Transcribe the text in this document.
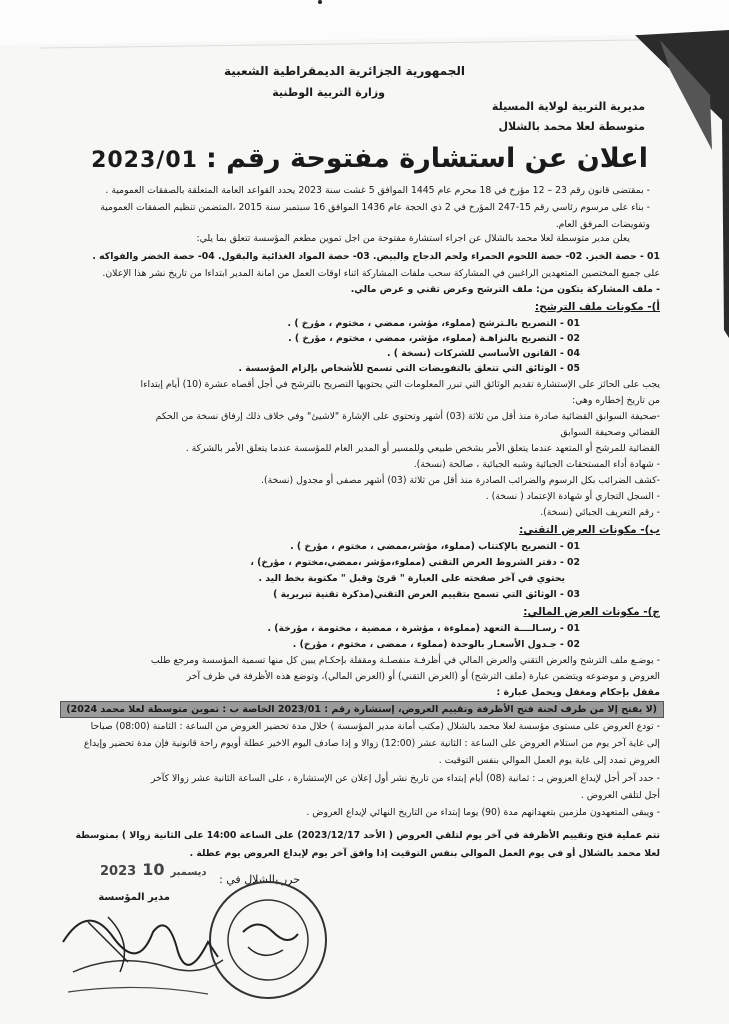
الجمهورية الجزائرية الديمقراطية الشعبية
وزارة التربية الوطنية
مديرية التربية لولاية المسيلة
متوسطة لعلا محمد بالشلال
اعلان عن استشارة مفتوحة رقم :
2023/01
- بمقتضى قانون رقم 23 – 12 مؤرخ في 18 محرم عام 1445 الموافق 5 غشت سنة 2023 يحدد القواعد العامة المتعلقة بالصفقات العمومية .
- بناء على مرسوم رئاسي رقم 15-247 المؤرخ في 2 ذي الحجة عام 1436 الموافق 16 سبتمبر سنة 2015 ،المتضمن تنظيم الصفقات العمومية
وتفويضات المرفق العام.
يعلن مدير متوسطة لعلا محمد بالشلال عن اجراء استشارة مفتوحة من اجل تموين مطعم المؤسسة تتعلق بما يلي:
01 - حصة الخبز. 02- حصة اللحوم الحمراء ولحم الدجاج والبيض. 03- حصة المواد الغذائية والبقول. 04- حصة الخضر والفواكه .
على جميع المختصين المتعهدين الراغبين في المشاركة سحب ملفات المشاركة اثناء اوقات العمل من امانة المدير ابتداءا من تاريخ نشر هذا الإعلان.
- ملف المشاركة يتكون من: ملف الترشح وعرض تقني و عرض مالي.
أ)- مكونات ملف الترشح:
01 - التصريح بالـترشح (مملوء، مؤشر، ممضي ، مختوم ، مؤرخ ) .
02 - التصريح بالنزاهـة (مملوء، مؤشر، ممضي ، مختوم ، مؤرخ ) .
04 - القانون الأساسي للشركات (نسخة ) .
05 - الوثائق التي تتعلق بالتفويضات التي تسمح للأشخاص بإلزام المؤسسة .
يجب على الحائز على الإستشارة تقديم الوثائق التي تبرر المعلومات التي يحتويها التصريح بالترشح في أجل أقصاه عشرة (10) أيام إبتداءا
من تاريخ إخطاره وهي:
-صحيفة السوابق القضائية صادرة منذ أقل من ثلاثة (03) أشهر وتحتوي على الإشارة "لاشيئ" وفي خلاف ذلك إرفاق نسخة من الحكم
القضائي وصحيفة السوابق
القضائية للمرشح أو المتعهد عندما يتعلق الأمر بشخص طبيعي وللمسير أو المدير العام للمؤسسة عندما يتعلق الأمر بالشركة .
- شهادة أداء المستحقات الجبائية وشبه الجبائية ، صالحة (نسخة).
-كشف الضرائب بكل الرسوم والضرائب الصادرة منذ أقل من ثلاثة (03) أشهر مصفى أو مجدول (نسخة).
- السجل التجاري أو شهادة الإعتماد ( نسخة) .
- رقم التعريف الجبائي (نسخة).
ب)- مكونات العرض التقني:
01 - التصريح بالإكتتاب (مملوء، مؤشر،ممضي ، مختوم ، مؤرخ ) .
02 - دفتر الشروط العرض التقني (مملوء،مؤشر ،ممضي،مختوم ، مؤرخ) ،
يحتوي في آخر صفحته على العبارة " قرئ وقبل " مكتوبة بخط اليد .
03 - الوثائق التي تسمح بتقييم العرض التقني(مذكرة تقنية تبريرية )
ج)- مكونات العرض المالي:
01 - رسـالــــة التعهد (مملوءة ، مؤشرة ، ممضية ، مختومة ، مؤرخة) .
02 - جـدول الأسعـار بالوحدة (مملوء ، ممضى ، مختوم ، مؤرخ) .
- يوضـع ملف الترشح والعرض التقني والعرض المالي في أظرفـة منفصلـة ومقفلة بإحكـام يبين كل منها تسمية المؤسسة ومرجع طلب
العروض و موضوعه ويتضمن عبارة (ملف الترشح) أو (العرض التقني) أو (العرض المالي)، وتوضع هذه الأظرفة في ظرف آخر
مقفل بإحكام ومغفل ويحمل عبارة :
(لا يفتح إلا من طرف لجنة فتح الأظرفة وتقييم العروض، إستشارة رقم : 2023/01 الخاصة ب : تموين متوسطة لعلا محمد 2024)
- تودع العروض على مستوى مؤسسة لعلا محمد بالشلال (مكتب أمانة مدير المؤسسة ) خلال مدة تحضير العروض من الساعة : الثامنة (08:00) صباحا
إلى غاية آخر يوم من استلام العروض على الساعة : الثانية عشر (12:00) زوالا و إذا صادف اليوم الاخير عطلة أويوم راحة قانونية فإن مدة تحضير وإيداع
العروض تمدد إلى غاية يوم العمل الموالي بنفس التوقيت .
- حدد آخر أجل لإيداع العروض بـ : ثمانية (08) أيام إبتداء من تاريخ نشر أول إعلان عن الإستشارة ، على الساعة الثانية عشر زوالا كآخر
أجل لتلقي العروض .
- ويبقى المتعهدون ملزمين بتعهداتهم مدة (90) يوما إبتداء من التاريخ النهائي لإيداع العروض .
تتم عملية فتح وتقييم الأظرفة في آخر يوم لتلقي العروض ( الأحد 2023/12/17) على الساعة 14:00 على الثانية زوالا ) بمتوسطة
لعلا محمد بالشلال أو في يوم العمل الموالي بنفس التوقيت إذا وافق آخر يوم لإيداع العروض يوم عطلة .
2023 10 ديسمبر
حرر بالشلال في :
مدير المؤسسة
